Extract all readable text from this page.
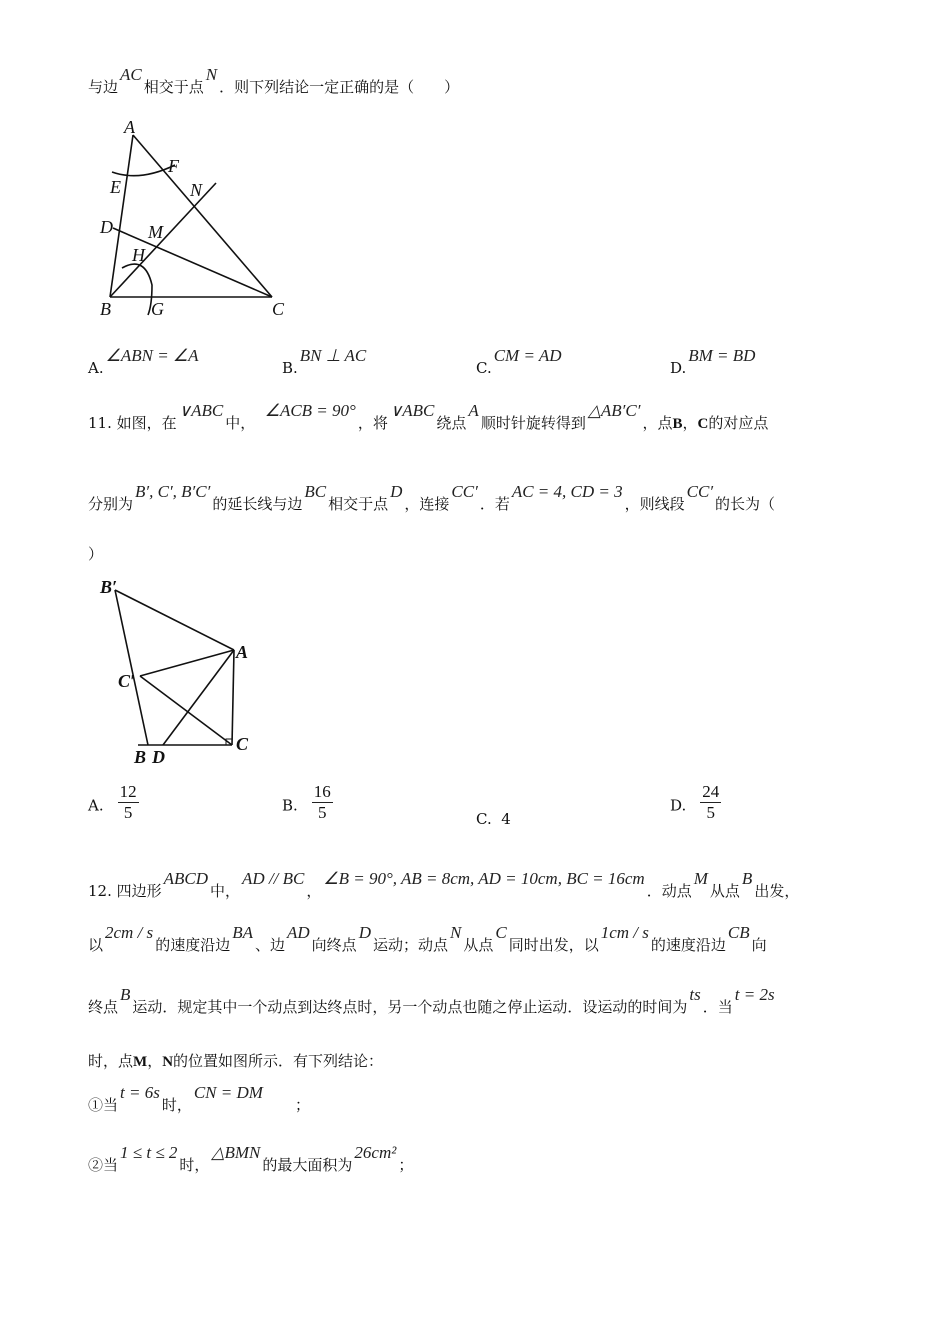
与边AC相交于点N．则下列结论一定正确的是（　　）
11. 如图，在∨ABC中，　∠ACB = 90°，将∨ABC绕点A顺时针旋转得到△AB′C′，点B，C的对应点
分别为B′, C′, B′C′的延长线与边BC相交于点D，连接CC′．若AC = 4, CD = 3，则线段CC′的长为（
）
12. 四边形ABCD中，AD // BC，∠B = 90°, AB = 8cm, AD = 10cm, BC = 16cm．动点M从点B出发，
以2cm / s的速度沿边BA、边AD向终点D运动；动点N从点C同时出发，以1cm / s的速度沿边CB向
终点B运动．规定其中一个动点到达终点时，另一个动点也随之停止运动．设运动的时间为ts．当t = 2s
时，点M，N的位置如图所示．有下列结论：
①当t = 6s时，CN = DM　　；
②当1 ≤ t ≤ 2时，△BMN的最大面积为26cm²；
A
F
E	N
D M
H
B G	C
B′
A
C′
B D
C
A.∠ABN = ∠A
B.BN ⊥ AC
C.CM = AD
D.BM = BD
A. $\frac{12}{5}$	B. $\frac{16}{5}$	C. 4
D. $\frac{24}{5}$
